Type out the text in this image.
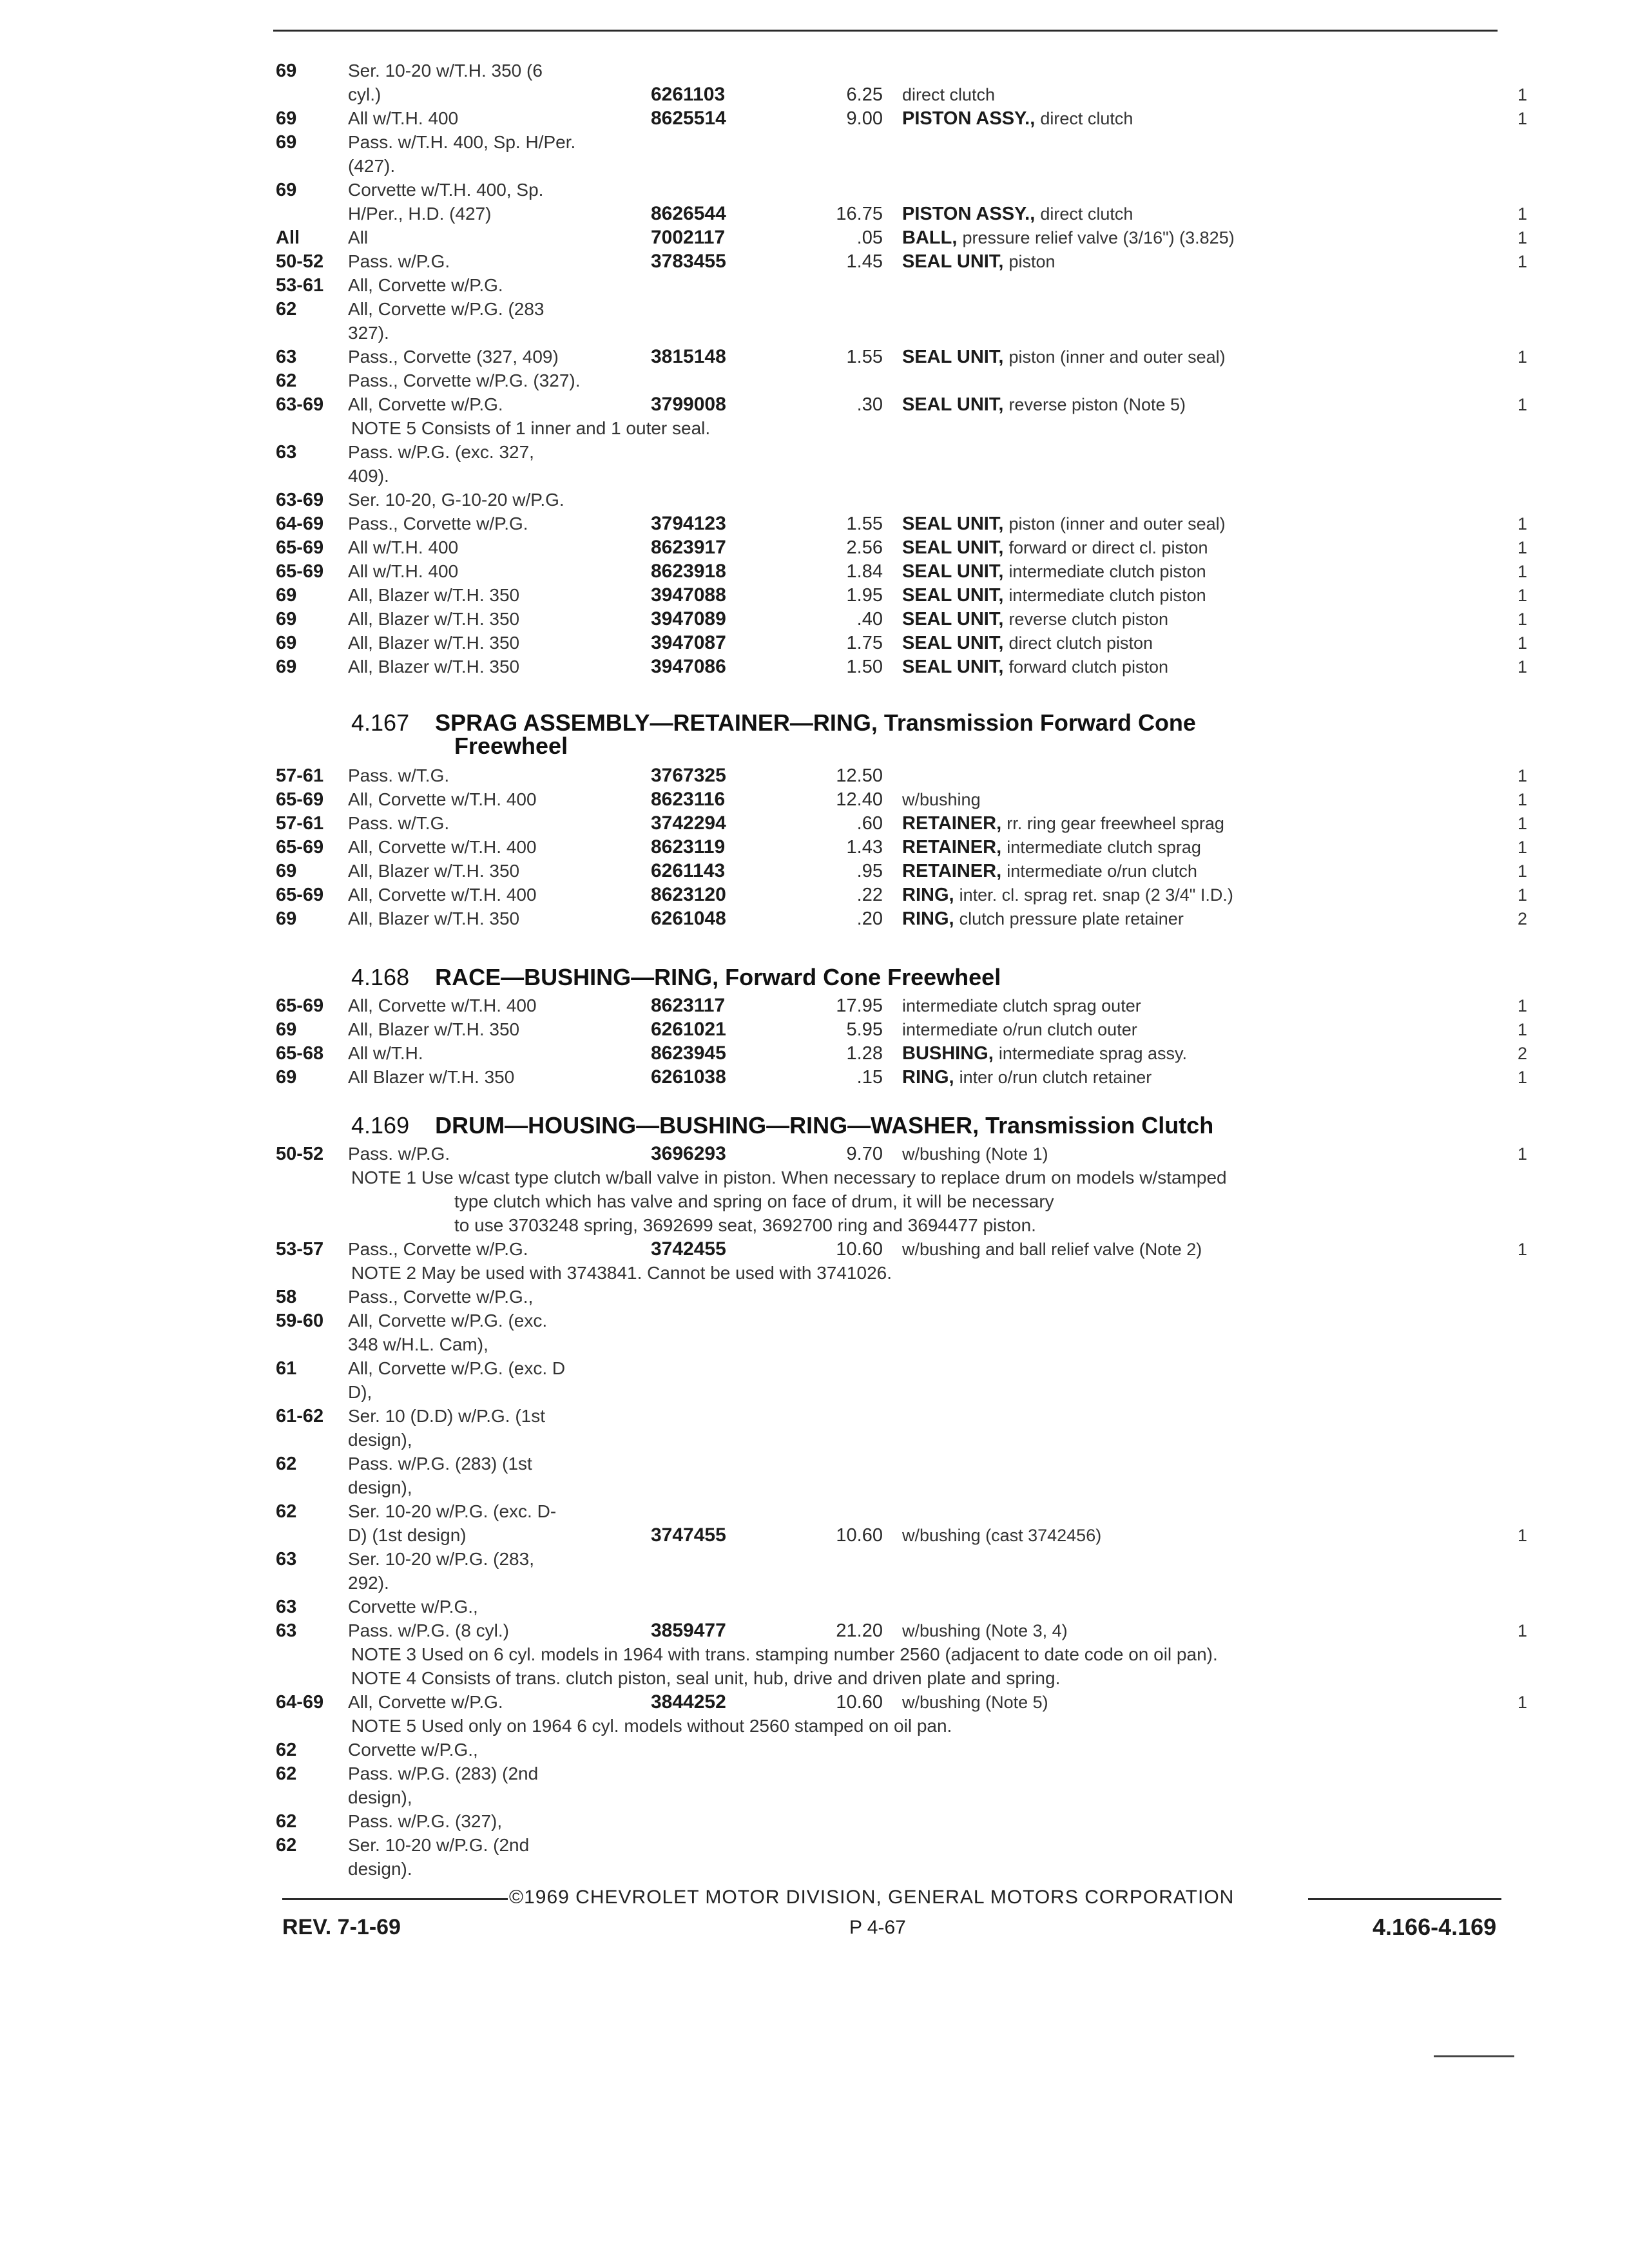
69	Ser. 10-20 w/T.H. 350 (6
cyl.)	6261103	6.25 direct clutch	1
69	All w/T.H. 400	8625514	9.00 PISTON ASSY., direct clutch	1
69	Pass. w/T.H. 400, Sp. H/Per.
(427).
69	Corvette w/T.H. 400, Sp.
H/Per., H.D. (427)	8626544	16.75 PISTON ASSY., direct clutch	1
All	All	7002117	.05 BALL, pressure relief valve (3/16") (3.825)	1
50-52 Pass. w/P.G.	3783455	1.45 SEAL UNIT, piston	1
53-61 All, Corvette w/P.G.
62	All, Corvette w/P.G. (283
327).
63	Pass., Corvette (327, 409)	3815148	1.55 SEAL UNIT, piston (inner and outer seal)	1
62	Pass., Corvette w/P.G. (327).
63-69 All, Corvette w/P.G.	3799008	.30 SEAL UNIT, reverse piston (Note 5)	1
NOTE 5 Consists of 1 inner and 1 outer seal.
63	Pass. w/P.G. (exc. 327,
409).
63-69 Ser. 10-20, G-10-20 w/P.G.
64-69 Pass., Corvette w/P.G.	3794123	1.55 SEAL UNIT, piston (inner and outer seal)	1
65-69 All w/T.H. 400	8623917	2.56 SEAL UNIT, forward or direct cl. piston	1
65-69 All w/T.H. 400	8623918	1.84 SEAL UNIT, intermediate clutch piston	1
69	All, Blazer w/T.H. 350	3947088	1.95 SEAL UNIT, intermediate clutch piston	1
69	All, Blazer w/T.H. 350	3947089	.40 SEAL UNIT, reverse clutch piston	1
69	All, Blazer w/T.H. 350	3947087	1.75 SEAL UNIT, direct clutch piston	1
69	All, Blazer w/T.H. 350	3947086	1.50 SEAL UNIT, forward clutch piston	1
4.167 SPRAG ASSEMBLY—RETAINER—RING, Transmission Forward Cone
Freewheel
57-61 Pass. w/T.G.	3767325	12.50	1
65-69 All, Corvette w/T.H. 400	8623116	12.40 w/bushing	1
57-61 Pass. w/T.G.	3742294	.60 RETAINER, rr. ring gear freewheel sprag	1
65-69 All, Corvette w/T.H. 400	8623119	1.43 RETAINER, intermediate clutch sprag	1
69	All, Blazer w/T.H. 350	6261143	.95 RETAINER, intermediate o/run clutch	1
65-69 All, Corvette w/T.H. 400	8623120	.22 RING, inter. cl. sprag ret. snap (2 3/4" I.D.)	1
69	All, Blazer w/T.H. 350	6261048	.20 RING, clutch pressure plate retainer	2
4.168 RACE—BUSHING—RING, Forward Cone Freewheel
65-69 All, Corvette w/T.H. 400	8623117	17.95 intermediate clutch sprag outer	1
69	All, Blazer w/T.H. 350	6261021	5.95 intermediate o/run clutch outer	1
65-68 All w/T.H.	8623945	1.28 BUSHING, intermediate sprag assy.	2
69	All Blazer w/T.H. 350	6261038	.15 RING, inter o/run clutch retainer	1
4.169 DRUM—HOUSING—BUSHING—RING—WASHER, Transmission Clutch
50-52 Pass. w/P.G.	3696293	9.70 w/bushing (Note 1)	1
NOTE 1 Use w/cast type clutch w/ball valve in piston. When necessary to replace drum on models w/stamped
type clutch which has valve and spring on face of drum, it will be necessary
to use 3703248 spring, 3692699 seat, 3692700 ring and 3694477 piston.
53-57 Pass., Corvette w/P.G.	3742455	10.60 w/bushing and ball relief valve (Note 2)	1
NOTE 2 May be used with 3743841. Cannot be used with 3741026.
58	Pass., Corvette w/P.G.,
59-60 All, Corvette w/P.G. (exc.
348 w/H.L. Cam),
61	All, Corvette w/P.G. (exc. D
D),
61-62 Ser. 10 (D.D) w/P.G. (1st
design),
62	Pass. w/P.G. (283) (1st
design),
62	Ser. 10-20 w/P.G. (exc. D-
D) (1st design)	3747455	10.60 w/bushing (cast 3742456)	1
63	Ser. 10-20 w/P.G. (283,
292).
63	Corvette w/P.G.,
63	Pass. w/P.G. (8 cyl.)	3859477	21.20 w/bushing (Note 3, 4)	1
NOTE 3 Used on 6 cyl. models in 1964 with trans. stamping number 2560 (adjacent to date code on oil pan).
NOTE 4 Consists of trans. clutch piston, seal unit, hub, drive and driven plate and spring.
64-69 All, Corvette w/P.G.	3844252	10.60 w/bushing (Note 5)	1
NOTE 5 Used only on 1964 6 cyl. models without 2560 stamped on oil pan.
62	Corvette w/P.G.,
62	Pass. w/P.G. (283) (2nd
design),
62	Pass. w/P.G. (327),
62	Ser. 10-20 w/P.G. (2nd
design).
©1969 CHEVROLET MOTOR DIVISION, GENERAL MOTORS CORPORATION
REV. 7-1-69	P 4-67	4.166-4.169
